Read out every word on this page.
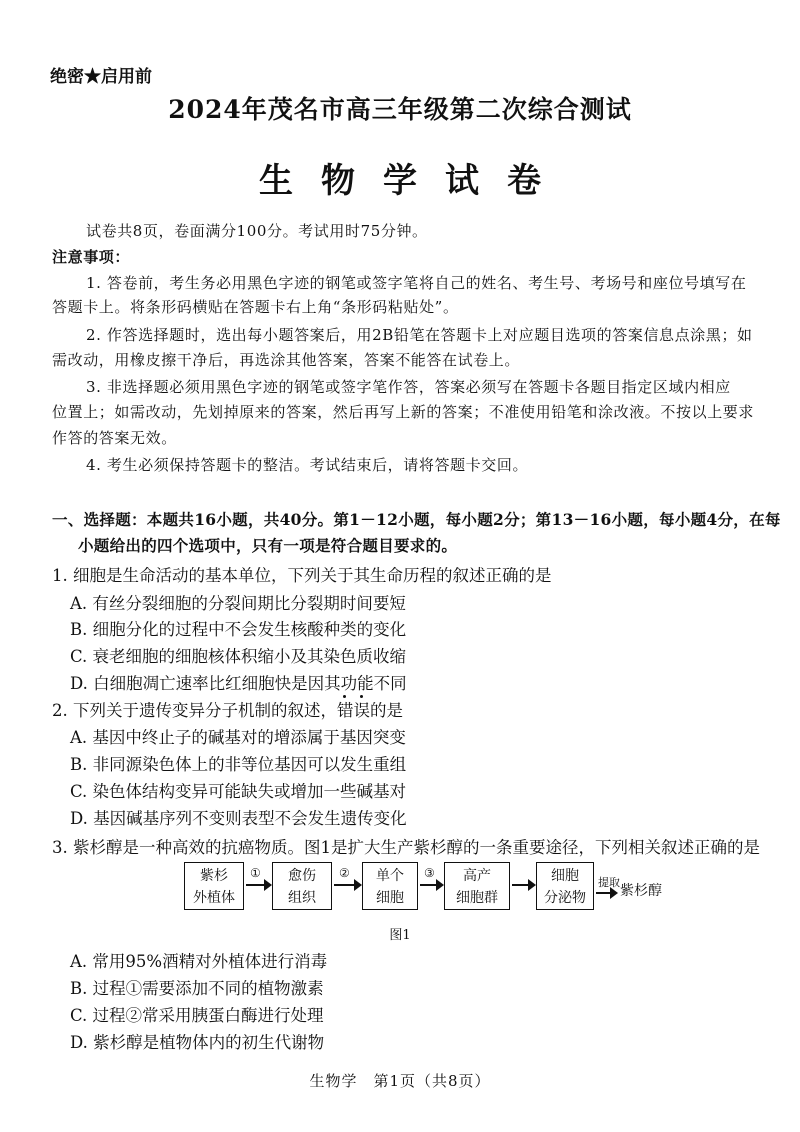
绝密★启用前
2024年茂名市高三年级第二次综合测试
生物学试卷
试卷共8页，卷面满分100分。考试用时75分钟。
注意事项：
1. 答卷前，考生务必用黑色字迹的钢笔或签字笔将自己的姓名、考生号、考场号和座位号填写在
答题卡上。将条形码横贴在答题卡右上角“条形码粘贴处”。
2. 作答选择题时，选出每小题答案后，用2B铅笔在答题卡上对应题目选项的答案信息点涂黑；如
需改动，用橡皮擦干净后，再选涂其他答案，答案不能答在试卷上。
3. 非选择题必须用黑色字迹的钢笔或签字笔作答，答案必须写在答题卡各题目指定区域内相应
位置上；如需改动，先划掉原来的答案，然后再写上新的答案；不准使用铅笔和涂改液。不按以上要求
作答的答案无效。
4. 考生必须保持答题卡的整洁。考试结束后，请将答题卡交回。
一、选择题：本题共16小题，共40分。第1－12小题，每小题2分；第13－16小题，每小题4分，在每
小题给出的四个选项中，只有一项是符合题目要求的。
1. 细胞是生命活动的基本单位，下列关于其生命历程的叙述正确的是
A. 有丝分裂细胞的分裂间期比分裂期时间要短
B. 细胞分化的过程中不会发生核酸种类的变化
C. 衰老细胞的细胞核体积缩小及其染色质收缩
D. 白细胞凋亡速率比红细胞快是因其功能不同
2. 下列关于遗传变异分子机制的叙述，错误
的是
A. 基因中终止子的碱基对的增添属于基因突变
B. 非同源染色体上的非等位基因可以发生重组
C. 染色体结构变异可能缺失或增加一些碱基对
D. 基因碱基序列不变则表型不会发生遗传变化
3. 紫杉醇是一种高效的抗癌物质。图1是扩大生产紫杉醇的一条重要途径，下列相关叙述正确的是
紫杉
外植体
①	愈伤
组织
②	单个
细胞
③	高产
细胞群
细胞
分泌物
提取
紫杉醇
图1
A. 常用95%酒精对外植体进行消毒
B. 过程①需要添加不同的植物激素
C. 过程②常采用胰蛋白酶进行处理
D. 紫杉醇是植物体内的初生代谢物
生物学　第1页（共8页）
